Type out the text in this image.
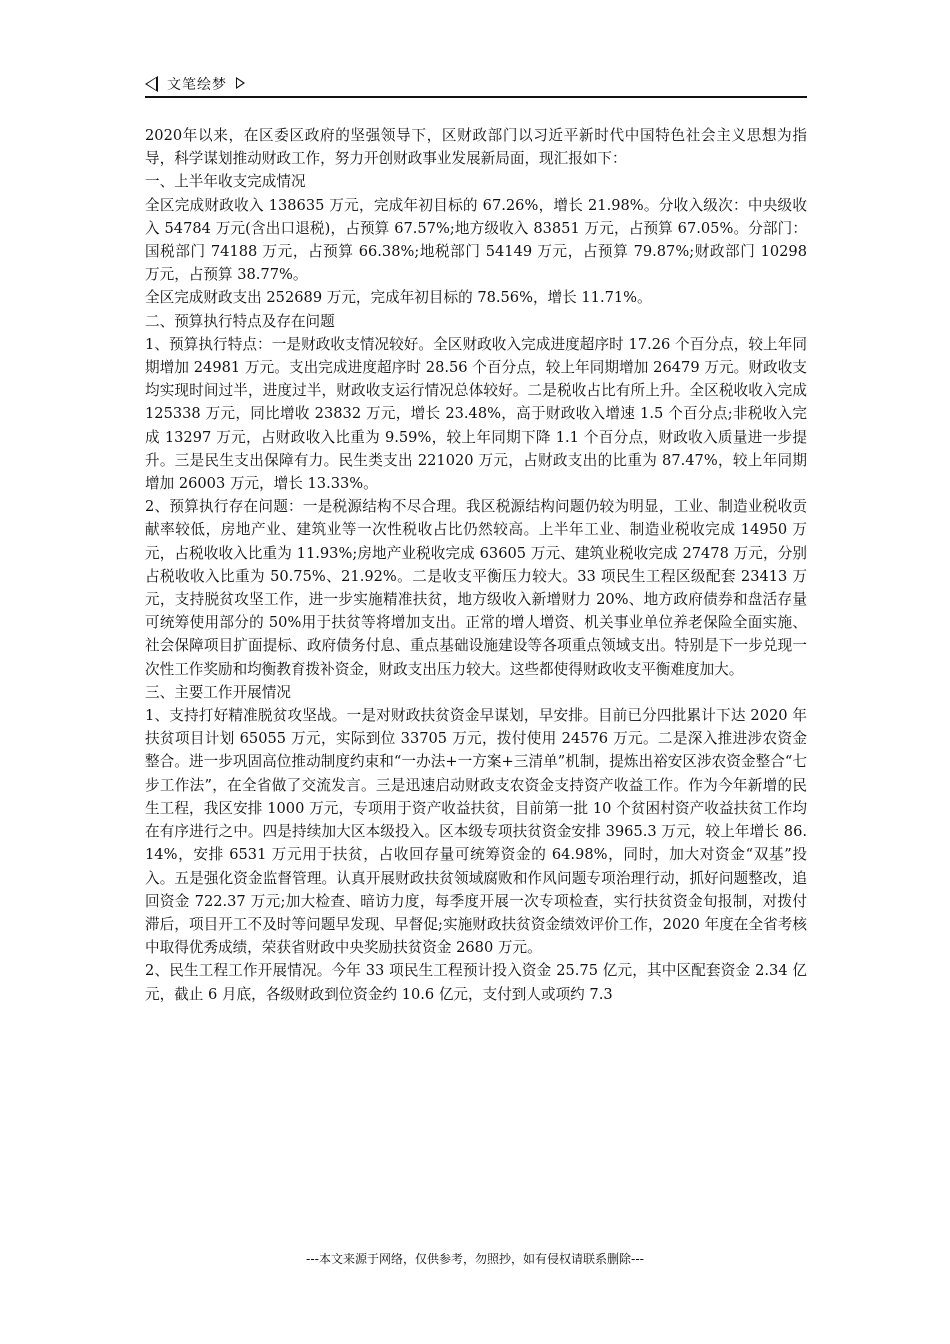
文笔绘梦

2020年以来，在区委区政府的坚强领导下，区财政部门以习近平新时代中国特色社会主义思想为指导，科学谋划推动财政工作，努力开创财政事业发展新局面，现汇报如下：

一、上半年收支完成情况

全区完成财政收入 138635 万元，完成年初目标的 67.26%，增长 21.98%。分收入级次：中央级收入 54784 万元(含出口退税)，占预算 67.57%;地方级收入 83851 万元，占预算 67.05%。分部门：国税部门 74188 万元，占预算 66.38%;地税部门 54149 万元，占预算 79.87%;财政部门 10298 万元，占预算 38.77%。

全区完成财政支出 252689 万元，完成年初目标的 78.56%，增长 11.71%。

二、预算执行特点及存在问题

1、预算执行特点：一是财政收支情况较好。全区财政收入完成进度超序时 17.26 个百分点，较上年同期增加 24981 万元。支出完成进度超序时 28.56 个百分点，较上年同期增加 26479 万元。财政收支均实现时间过半，进度过半，财政收支运行情况总体较好。二是税收占比有所上升。全区税收收入完成 125338 万元，同比增收 23832 万元，增长 23.48%，高于财政收入增速 1.5 个百分点;非税收入完成 13297 万元，占财政收入比重为 9.59%，较上年同期下降 1.1 个百分点，财政收入质量进一步提升。三是民生支出保障有力。民生类支出 221020 万元，占财政支出的比重为 87.47%，较上年同期增加 26003 万元，增长 13.33%。

2、预算执行存在问题：一是税源结构不尽合理。我区税源结构问题仍较为明显，工业、制造业税收贡献率较低，房地产业、建筑业等一次性税收占比仍然较高。上半年工业、制造业税收完成 14950 万元，占税收收入比重为 11.93%;房地产业税收完成 63605 万元、建筑业税收完成 27478 万元，分别占税收收入比重为 50.75%、21.92%。二是收支平衡压力较大。33 项民生工程区级配套 23413 万元，支持脱贫攻坚工作，进一步实施精准扶贫，地方级收入新增财力 20%、地方政府债券和盘活存量可统筹使用部分的 50%用于扶贫等将增加支出。正常的增人增资、机关事业单位养老保险全面实施、社会保障项目扩面提标、政府债务付息、重点基础设施建设等各项重点领域支出。特别是下一步兑现一次性工作奖励和均衡教育拨补资金，财政支出压力较大。这些都使得财政收支平衡难度加大。

三、主要工作开展情况

1、支持打好精准脱贫攻坚战。一是对财政扶贫资金早谋划，早安排。目前已分四批累计下达 2020 年扶贫项目计划 65055 万元，实际到位 33705 万元，拨付使用 24576 万元。二是深入推进涉农资金整合。进一步巩固高位推动制度约束和“一办法+一方案+三清单”机制，提炼出裕安区涉农资金整合“七步工作法”，在全省做了交流发言。三是迅速启动财政支农资金支持资产收益工作。作为今年新增的民生工程，我区安排 1000 万元，专项用于资产收益扶贫，目前第一批 10 个贫困村资产收益扶贫工作均在有序进行之中。四是持续加大区本级投入。区本级专项扶贫资金安排 3965.3 万元，较上年增长 86.14%，安排 6531 万元用于扶贫，占收回存量可统筹资金的 64.98%，同时，加大对资金“双基”投入。五是强化资金监督管理。认真开展财政扶贫领域腐败和作风问题专项治理行动，抓好问题整改，追回资金 722.37 万元;加大检查、暗访力度，每季度开展一次专项检查，实行扶贫资金旬报制，对拨付滞后，项目开工不及时等问题早发现、早督促;实施财政扶贫资金绩效评价工作，2020 年度在全省考核中取得优秀成绩，荣获省财政中央奖励扶贫资金 2680 万元。

2、民生工程工作开展情况。今年 33 项民生工程预计投入资金 25.75 亿元，其中区配套资金 2.34 亿元，截止 6 月底，各级财政到位资金约 10.6 亿元，支付到人或项约 7.3

---本文来源于网络，仅供参考，勿照抄，如有侵权请联系删除---
